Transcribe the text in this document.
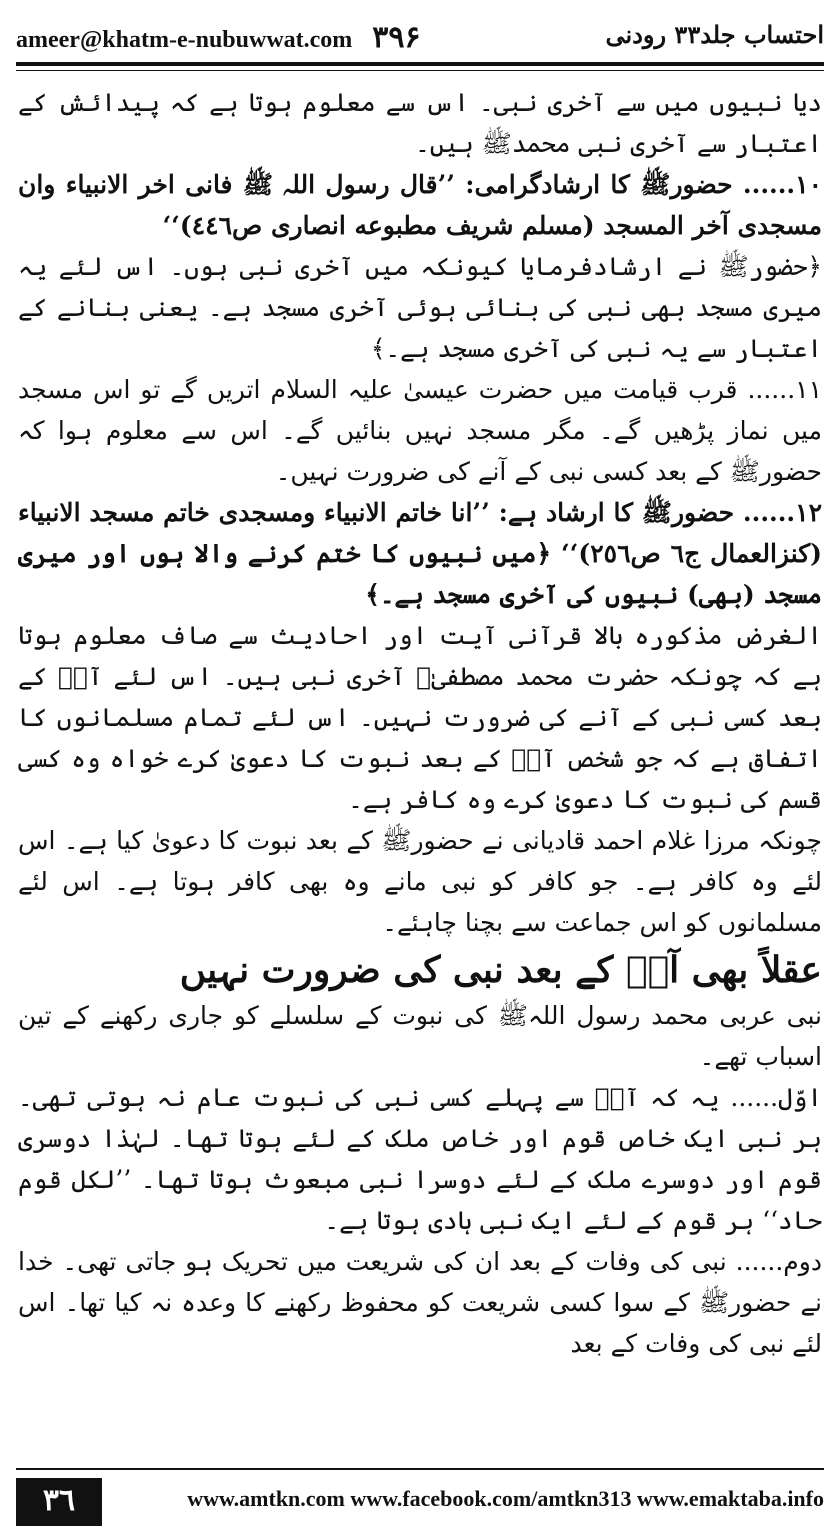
ameer@khatm-e-nubuwwat.com ۳۹۶	احتساب جلد۳۳ رودنی

دیا نبیوں میں سے آخری نبی۔ اس سے معلوم ہوتا ہے کہ پیدائش کے اعتبار سے آخری نبی محمدﷺ ہیں۔

۱۰...... حضورﷺ کا ارشادگرامی: ’’قال رسول اللہ ﷺ فانی اخر الانبیاء وان مسجدی آخر المسجد (مسلم شریف مطبوعه انصاری ص٤٤٦)‘‘

﴿حضورﷺ نے ارشادفرمایا کیونکہ میں آخری نبی ہوں۔ اس لئے یہ میری مسجد بھی نبی کی بنائی ہوئی آخری مسجد ہے۔ یعنی بنانے کے اعتبار سے یہ نبی کی آخری مسجد ہے۔﴾

۱۱...... قرب قیامت میں حضرت عیسیٰ علیہ السلام اتریں گے تو اس مسجد میں نماز پڑھیں گے۔ مگر مسجد نہیں بنائیں گے۔ اس سے معلوم ہوا کہ حضورﷺ کے بعد کسی نبی کے آنے کی ضرورت نہیں۔

۱۲...... حضورﷺ کا ارشاد ہے: ’’انا خاتم الانبیاء ومسجدی خاتم مسجد الانبیاء (کنزالعمال ج٦ ص٢٥٦)‘‘ ﴿میں نبیوں کا ختم کرنے والا ہوں اور میری مسجد (بھی) نبیوں کی آخری مسجد ہے۔﴾

الغرض مذکورہ بالا قرآنی آیت اور احادیث سے صاف معلوم ہوتا ہے کہ چونکہ حضرت محمد مصطفیٰﷺ آخری نبی ہیں۔ اس لئے آپؐ کے بعد کسی نبی کے آنے کی ضرورت نہیں۔ اس لئے تمام مسلمانوں کا اتفاق ہے کہ جو شخص آپؐ کے بعد نبوت کا دعویٰ کرے خواہ وہ کسی قسم کی نبوت کا دعویٰ کرے وہ کافر ہے۔

چونکہ مرزا غلام احمد قادیانی نے حضورﷺ کے بعد نبوت کا دعویٰ کیا ہے۔ اس لئے وہ کافر ہے۔ جو کافر کو نبی مانے وہ بھی کافر ہوتا ہے۔ اس لئے مسلمانوں کو اس جماعت سے بچنا چاہئے۔

عقلاً بھی آپؐ کے بعد نبی کی ضرورت نہیں

نبی عربی محمد رسول اللہﷺ کی نبوت کے سلسلے کو جاری رکھنے کے تین اسباب تھے۔

اوّل...... یہ کہ آپؐ سے پہلے کسی نبی کی نبوت عام نہ ہوتی تھی۔ ہر نبی ایک خاص قوم اور خاص ملک کے لئے ہوتا تھا۔ لہٰذا دوسری قوم اور دوسرے ملک کے لئے دوسرا نبی مبعوث ہوتا تھا۔ ’’لکل قوم حاد‘‘ ہر قوم کے لئے ایک نبی ہادی ہوتا ہے۔

دوم...... نبی کی وفات کے بعد ان کی شریعت میں تحریک ہو جاتی تھی۔ خدا نے حضورﷺ کے سوا کسی شریعت کو محفوظ رکھنے کا وعدہ نہ کیا تھا۔ اس لئے نبی کی وفات کے بعد

۳٦	www.amtkn.com www.facebook.com/amtkn313 www.emaktaba.info
